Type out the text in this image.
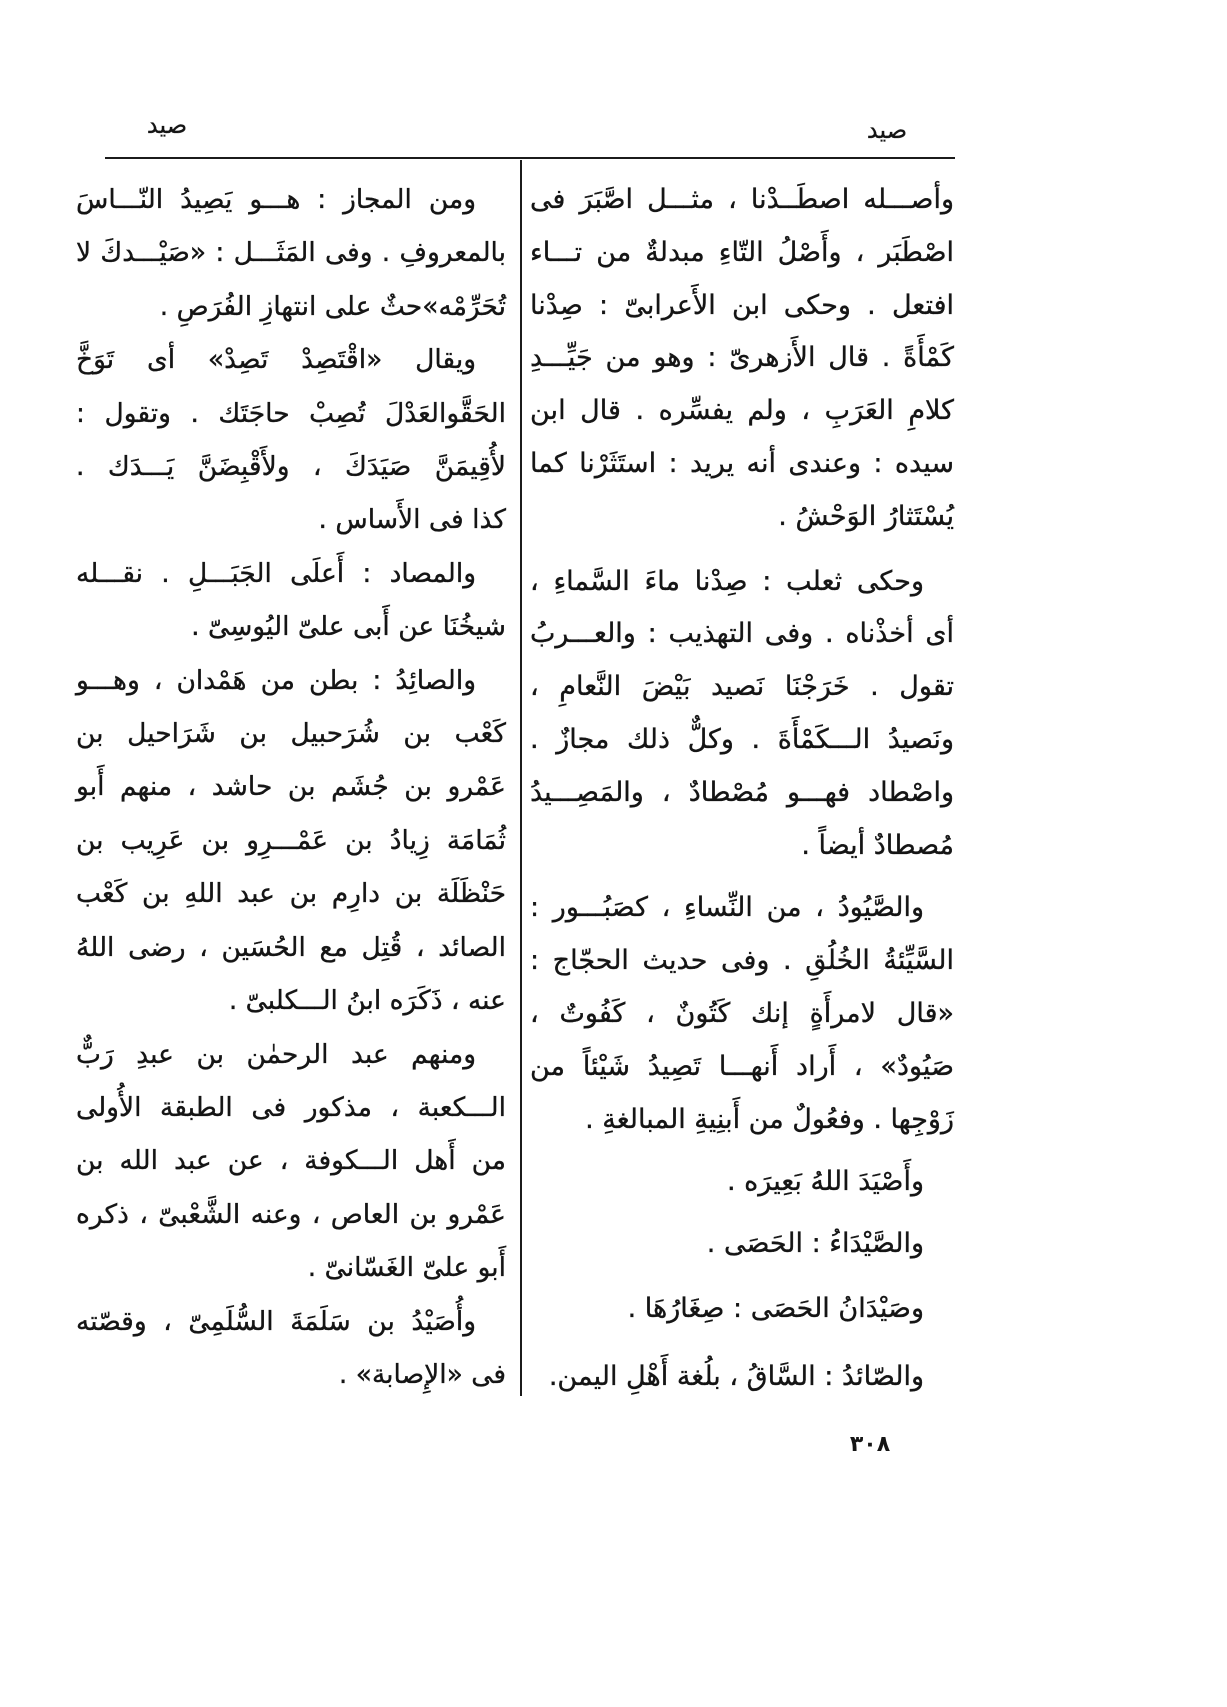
صيد
صيد
وأصـــله اصطَــدْنا ، مثـــل اصَّبَرَ فى
اصْطَبَر ، وأَصْلُ التّاءِ مبدلةٌ من تـــاء
افتعل . وحكى ابن الأَعرابىّ : صِدْنا
كَمْأَةً . قال الأَزهرىّ : وهو من جَيِّـــدِ
كلامِ العَرَبِ ، ولم يفسِّره . قال ابن
سيده : وعندى أنه يريد : استَثَرْنا كما
يُسْتَثارُ الوَحْشُ .
وحكى ثعلب : صِدْنا ماءَ السَّماءِ ،
أى أخذْناه . وفى التهذيب : والعـــربُ
تقول . خَرَجْنَا نَصيد بَيْضَ النَّعامِ ،
ونَصيدُ الـــكَمْأَةَ . وكلٌّ ذلك مجازٌ .
واصْطاد فهـــو مُصْطادٌ ، والمَصِـــيدُ
مُصطادٌ أيضاً .
والصَّيُودُ ، من النِّساءِ ، كصَبُـــور :
السَّيِّئةُ الخُلُقِ . وفى حديث الحجّاج :
«قال لامرأَةٍ إنك كَتُونٌ ، كَفُوتٌ ،
صَيُودٌ» ، أَراد أَنهـــا تَصِيدُ شَيْئاً من
زَوْجِها . وفعُولٌ من أَبنِيةِ المبالغةِ .
وأَصْيَدَ اللهُ بَعِيرَه .
والصَّيْدَاءُ : الحَصَى .
وصَيْدَانُ الحَصَى : صِغَارُهَا .
والصّائدُ : السَّاقُ ، بلُغة أَهْلِ اليمن.
ومن المجاز : هـــو يَصِيدُ النّـــاسَ
بالمعروفِ . وفى المَثَـــل : «صَيْـــدكَ لا
تُحَرِّمْه»حثٌ على انتهازِ الفُرَصِ .
ويقال «اقْتَصِدْ تَصِدْ» أى تَوَخَّ
الحَقَّوالعَدْلَ تُصِبْ حاجَتَك . وتقول :
لأُقِيمَنَّ صَيَدَكَ ، ولأَقْبِضَنَّ يَـــدَك .
كذا فى الأَساس .
والمصاد : أَعلَى الجَبَـــلِ . نقـــله
شيخُنَا عن أَبى علىّ اليُوسِىّ .
والصائِدُ : بطن من هَمْدان ، وهـــو
كَعْب بن شُرَحبيل بن شَرَاحيل بن
عَمْرو بن جُشَم بن حاشد ، منهم أَبو
ثُمَامَة زِيادُ بن عَمْـــرِو بن عَرِيب بن
حَنْظَلَة بن دارِم بن عبد اللهِ بن كَعْب
الصائد ، قُتِل مع الحُسَين ، رضى اللهُ
عنه ، ذَكَرَه ابنُ الـــكلبىّ .
ومنهم عبد الرحمٰن بن عبدِ رَبٌّ
الـــكعبة ، مذكور فى الطبقة الأُولى
من أَهل الـــكوفة ، عن عبد الله بن
عَمْرو بن العاص ، وعنه الشَّعْبىّ ، ذكره
أَبو علىّ الغَسّانىّ .
وأُصَيْدُ بن سَلَمَةَ السُّلَمِىّ ، وقصّته
فى «الإِصابة» .
٣٠٨
